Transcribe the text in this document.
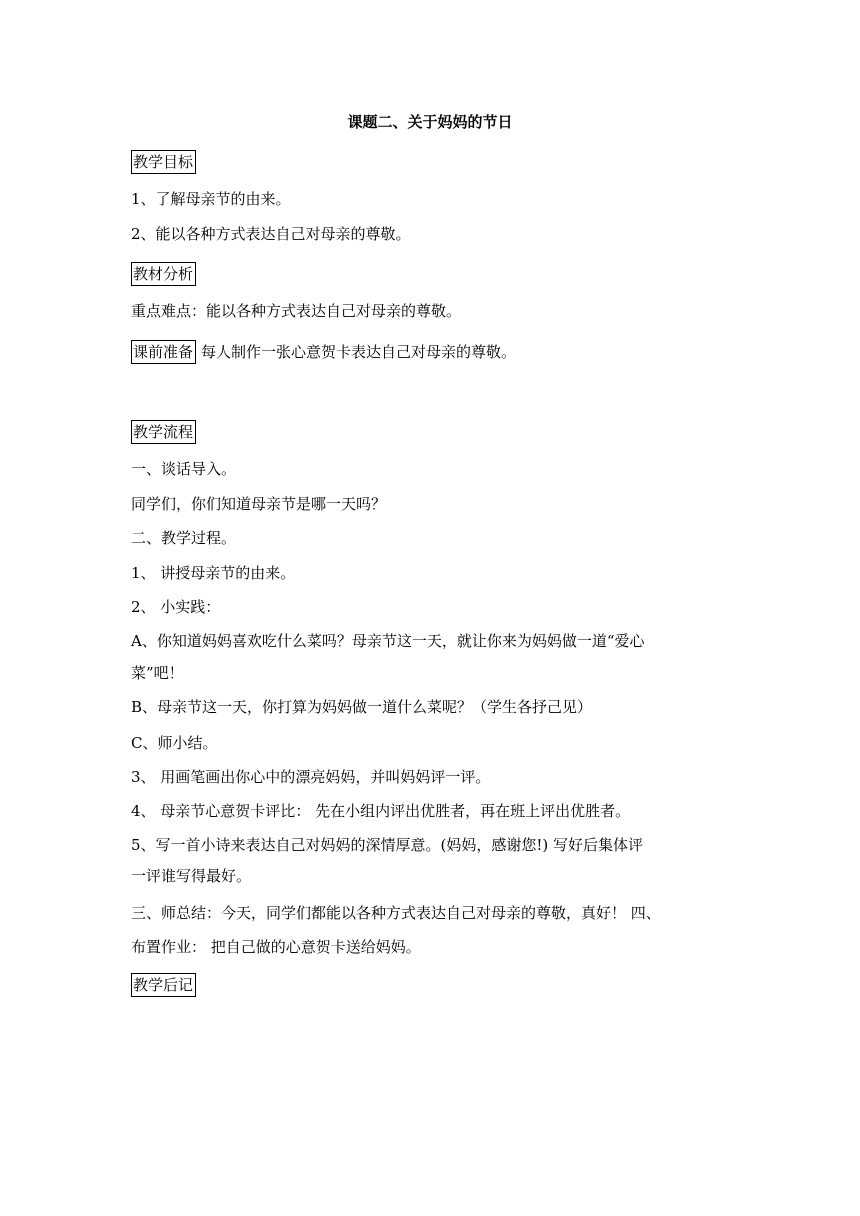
课题二、关于妈妈的节日
教学目标
1、了解母亲节的由来。
2、能以各种方式表达自己对母亲的尊敬。
教材分析
重点难点：能以各种方式表达自己对母亲的尊敬。
课前准备 每人制作一张心意贺卡表达自己对母亲的尊敬。
教学流程
一、谈话导入。
同学们，你们知道母亲节是哪一天吗？
二、教学过程。
1、 讲授母亲节的由来。
2、 小实践：
A、你知道妈妈喜欢吃什么菜吗？母亲节这一天，就让你来为妈妈做一道“爱心
菜”吧！
B、母亲节这一天，你打算为妈妈做一道什么菜呢？（学生各抒己见）
C、师小结。
3、 用画笔画出你心中的漂亮妈妈，并叫妈妈评一评。
4、 母亲节心意贺卡评比： 先在小组内评出优胜者，再在班上评出优胜者。
5、写一首小诗来表达自己对妈妈的深情厚意。(妈妈，感谢您!) 写好后集体评
一评谁写得最好。
三、师总结：今天，同学们都能以各种方式表达自己对母亲的尊敬，真好！ 四、
布置作业： 把自己做的心意贺卡送给妈妈。
教学后记
